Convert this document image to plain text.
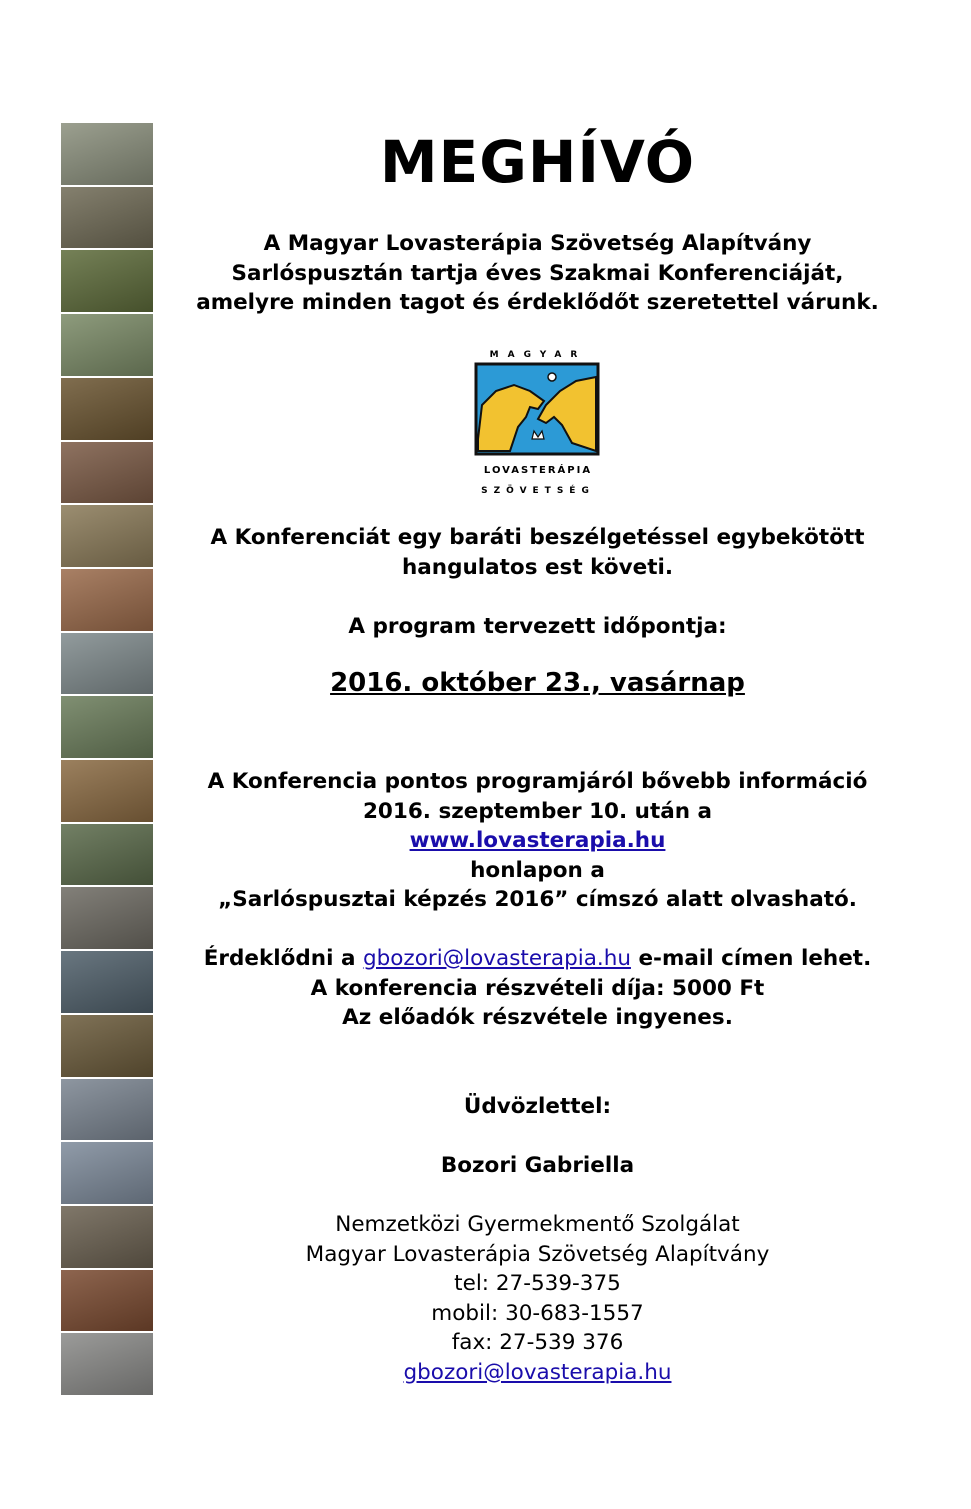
MEGHÍVÓ

A Magyar Lovasterápia Szövetség Alapítvány
Sarlóspusztán tartja éves Szakmai Konferenciáját,
amelyre minden tagot és érdeklődőt szeretettel várunk.

A Konferenciát egy baráti beszélgetéssel egybekötött
hangulatos est követi.

A program tervezett időpontja:

2016. október 23., vasárnap

A Konferencia pontos programjáról bővebb információ
2016. szeptember 10. után a
www.lovasterapia.hu
honlapon a
„Sarlóspusztai képzés 2016” címszó alatt olvasható.

Érdeklődni a gbozori@lovasterapia.hu e-mail címen lehet.
A konferencia részvételi díja: 5000 Ft
Az előadók részvétele ingyenes.

Üdvözlettel:

Bozori Gabriella

Nemzetközi Gyermekmentő Szolgálat
Magyar Lovasterápia Szövetség Alapítvány
tel: 27-539-375
mobil: 30-683-1557
fax: 27-539 376
gbozori@lovasterapia.hu

MAGYAR
LOVASTERÁPIA
SZÖVETSÉG
